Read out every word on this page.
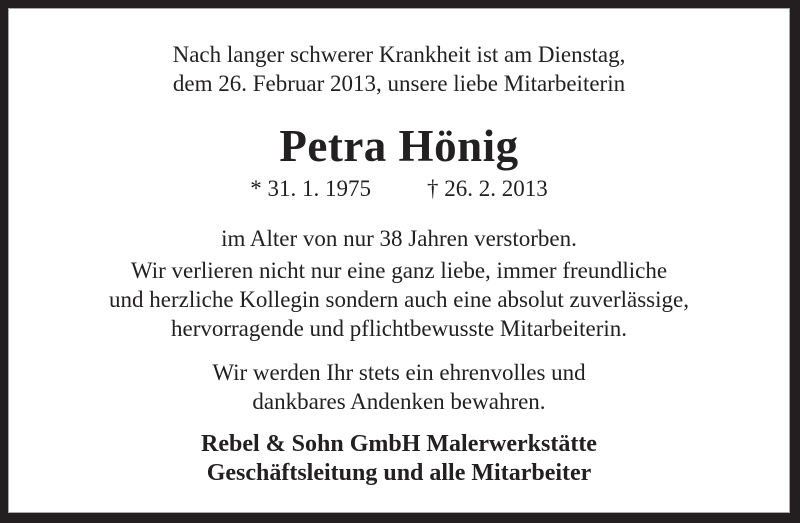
Nach langer schwerer Krankheit ist am Dienstag,
dem 26. Februar 2013, unsere liebe Mitarbeiterin

Petra Hönig

* 31. 1. 1975 † 26. 2. 2013

im Alter von nur 38 Jahren verstorben.

Wir verlieren nicht nur eine ganz liebe, immer freundliche
und herzliche Kollegin sondern auch eine absolut zuverlässige,
hervorragende und pflichtbewusste Mitarbeiterin.

Wir werden Ihr stets ein ehrenvolles und
dankbares Andenken bewahren.

Rebel & Sohn GmbH Malerwerkstätte
Geschäftsleitung und alle Mitarbeiter
